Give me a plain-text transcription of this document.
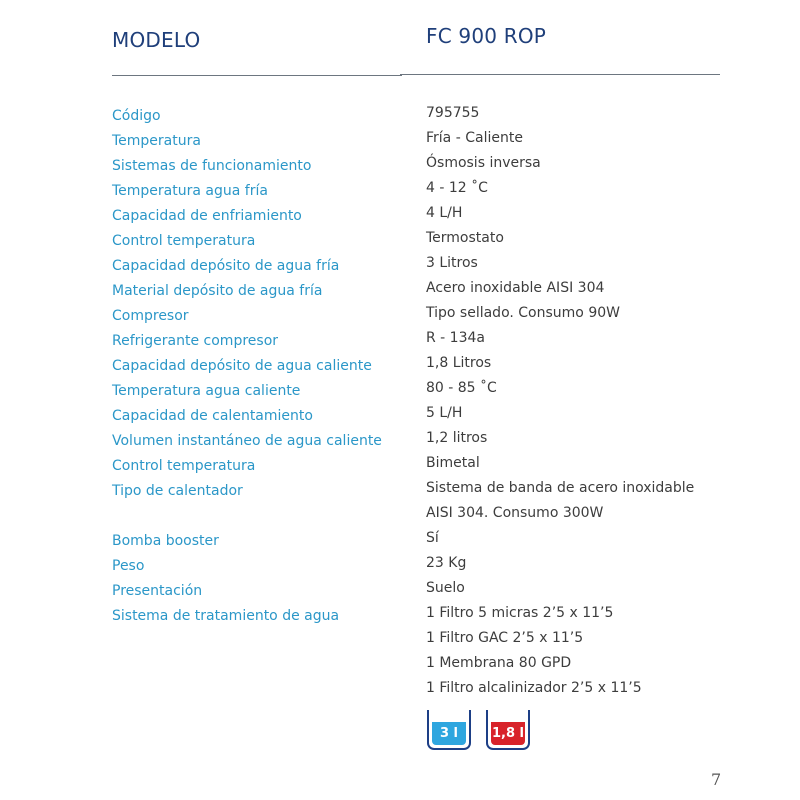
MODELO	FC 900 ROP
Código	795755
Temperatura	Fría - Caliente
Sistemas de funcionamiento	Ósmosis inversa
Temperatura agua fría	4 - 12 ˚C
Capacidad de enfriamiento	4 L/H
Control temperatura	Termostato
Capacidad depósito de agua fría	3 Litros
Material depósito de agua fría	Acero inoxidable AISI 304
Compresor	Tipo sellado. Consumo 90W
Refrigerante compresor	R - 134a
Capacidad depósito de agua caliente	1,8 Litros
Temperatura agua caliente	80 - 85 ˚C
Capacidad de calentamiento	5 L/H
Volumen instantáneo de agua caliente	1,2 litros
Control temperatura	Bimetal
Tipo de calentador	Sistema de banda de acero inoxidable
AISI 304. Consumo 300W
Bomba booster	Sí
Peso	23 Kg
Presentación	Suelo
Sistema de tratamiento de agua	1 Filtro 5 micras 2’5 x 11’5
1 Filtro GAC 2’5 x 11’5
1 Membrana 80 GPD
1 Filtro alcalinizador 2’5 x 11’5
3 l	1,8 l
7
